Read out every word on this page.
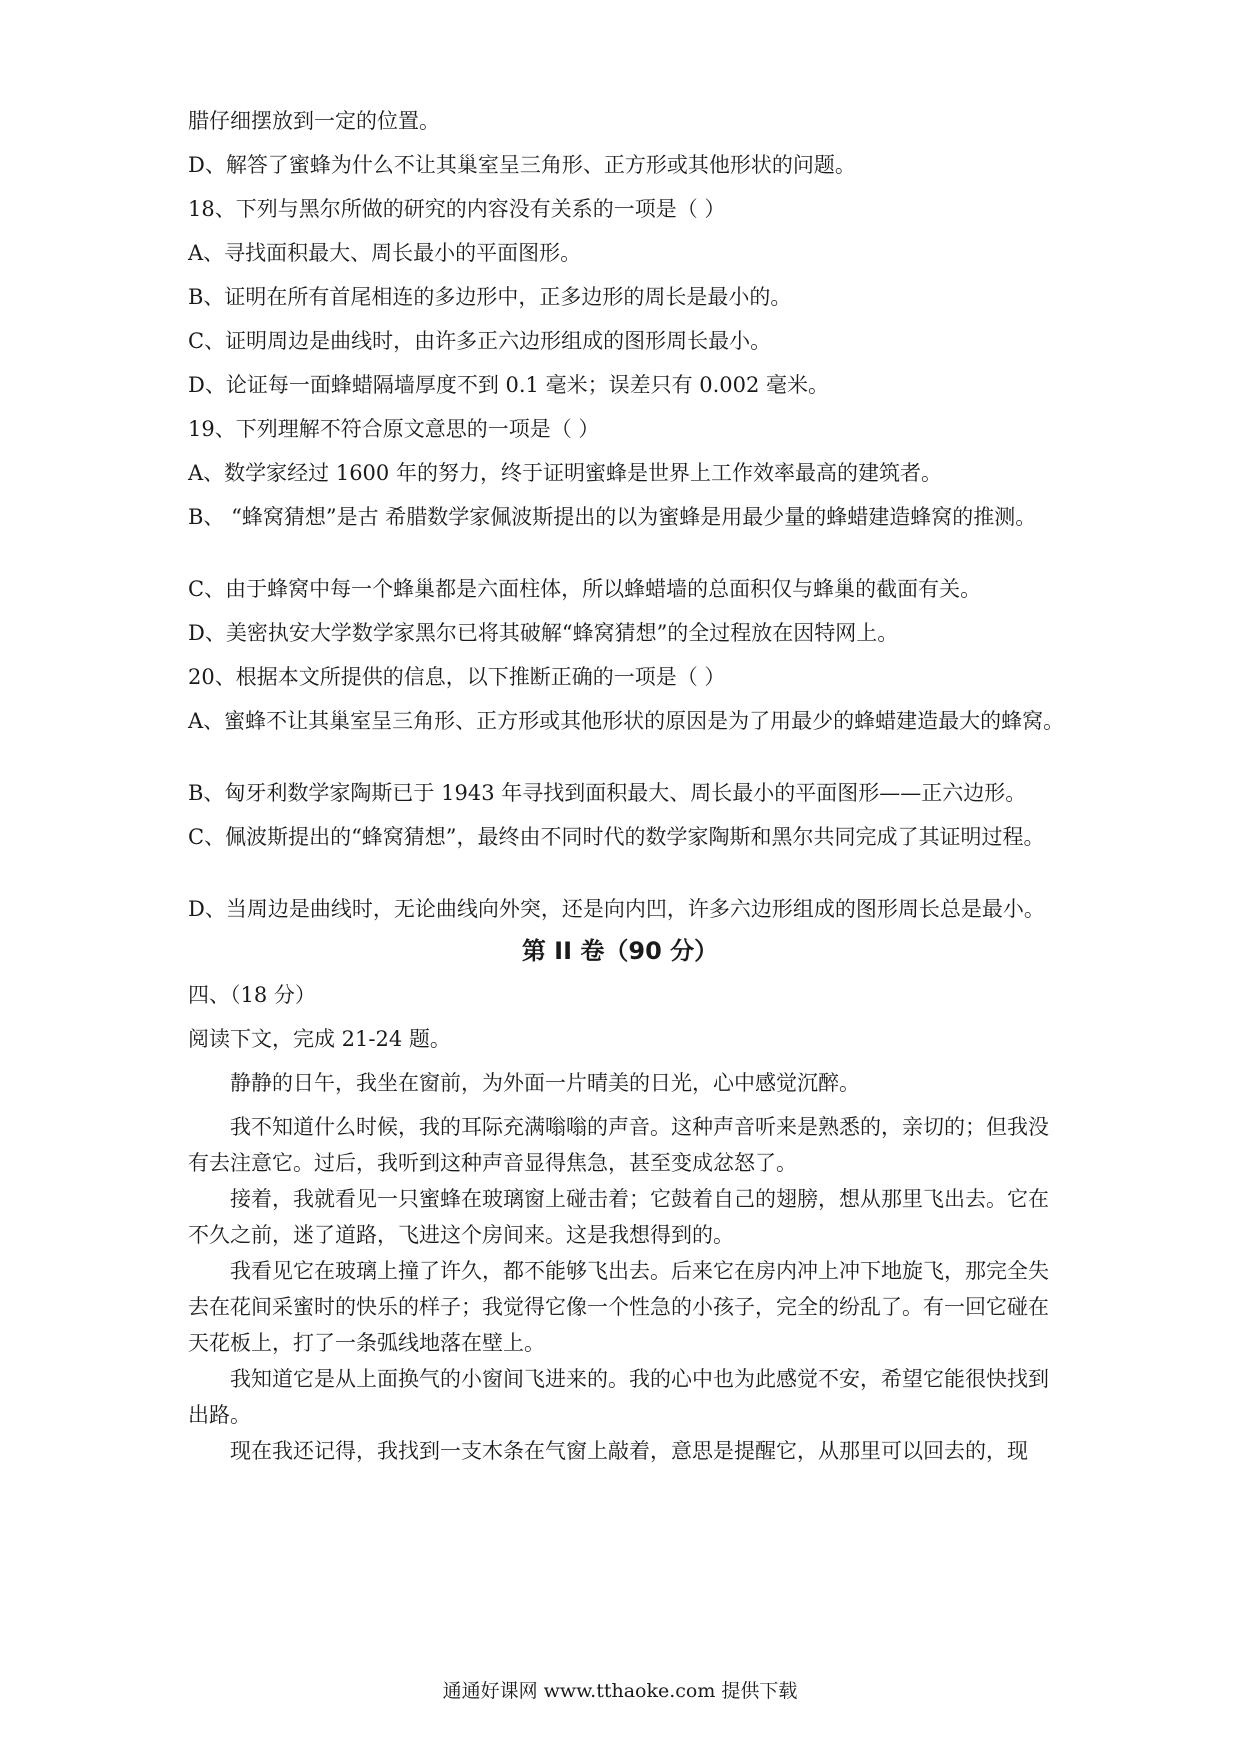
腊仔细摆放到一定的位置。
D、解答了蜜蜂为什么不让其巢室呈三角形、正方形或其他形状的问题。
18、下列与黑尔所做的研究的内容没有关系的一项是（ ）
A、寻找面积最大、周长最小的平面图形。
B、证明在所有首尾相连的多边形中，正多边形的周长是最小的。
C、证明周边是曲线时，由许多正六边形组成的图形周长最小。
D、论证每一面蜂蜡隔墙厚度不到 0.1 毫米；误差只有 0.002 毫米。
19、下列理解不符合原文意思的一项是（ ）
A、数学家经过 1600 年的努力，终于证明蜜蜂是世界上工作效率最高的建筑者。
B、 “蜂窝猜想”是古 希腊数学家佩波斯提出的以为蜜蜂是用最少量的蜂蜡建造蜂窝的推测。
C、由于蜂窝中每一个蜂巢都是六面柱体，所以蜂蜡墙的总面积仅与蜂巢的截面有关。
D、美密执安大学数学家黑尔已将其破解“蜂窝猜想”的全过程放在因特网上。
20、根据本文所提供的信息，以下推断正确的一项是（ ）
A、蜜蜂不让其巢室呈三角形、正方形或其他形状的原因是为了用最少的蜂蜡建造最大的蜂窝。
B、匈牙利数学家陶斯已于 1943 年寻找到面积最大、周长最小的平面图形——正六边形。
C、佩波斯提出的“蜂窝猜想”，最终由不同时代的数学家陶斯和黑尔共同完成了其证明过程。
D、当周边是曲线时，无论曲线向外突，还是向内凹，许多六边形组成的图形周长总是最小。
第 II 卷（90 分）
四、（18 分）
阅读下文，完成 21-24 题。
静静的日午，我坐在窗前，为外面一片晴美的日光，心中感觉沉醉。
我不知道什么时候，我的耳际充满嗡嗡的声音。这种声音听来是熟悉的，亲切的；但我没有去注意它。过后，我听到这种声音显得焦急，甚至变成忿怒了。
接着，我就看见一只蜜蜂在玻璃窗上碰击着；它鼓着自己的翅膀，想从那里飞出去。它在不久之前，迷了道路，飞进这个房间来。这是我想得到的。
我看见它在玻璃上撞了许久，都不能够飞出去。后来它在房内冲上冲下地旋飞，那完全失去在花间采蜜时的快乐的样子；我觉得它像一个性急的小孩子，完全的纷乱了。有一回它碰在天花板上，打了一条弧线地落在壁上。
我知道它是从上面换气的小窗间飞进来的。我的心中也为此感觉不安，希望它能很快找到出路。
现在我还记得，我找到一支木条在气窗上敲着，意思是提醒它，从那里可以回去的，现
通通好课网 www.tthaoke.com 提供下载
